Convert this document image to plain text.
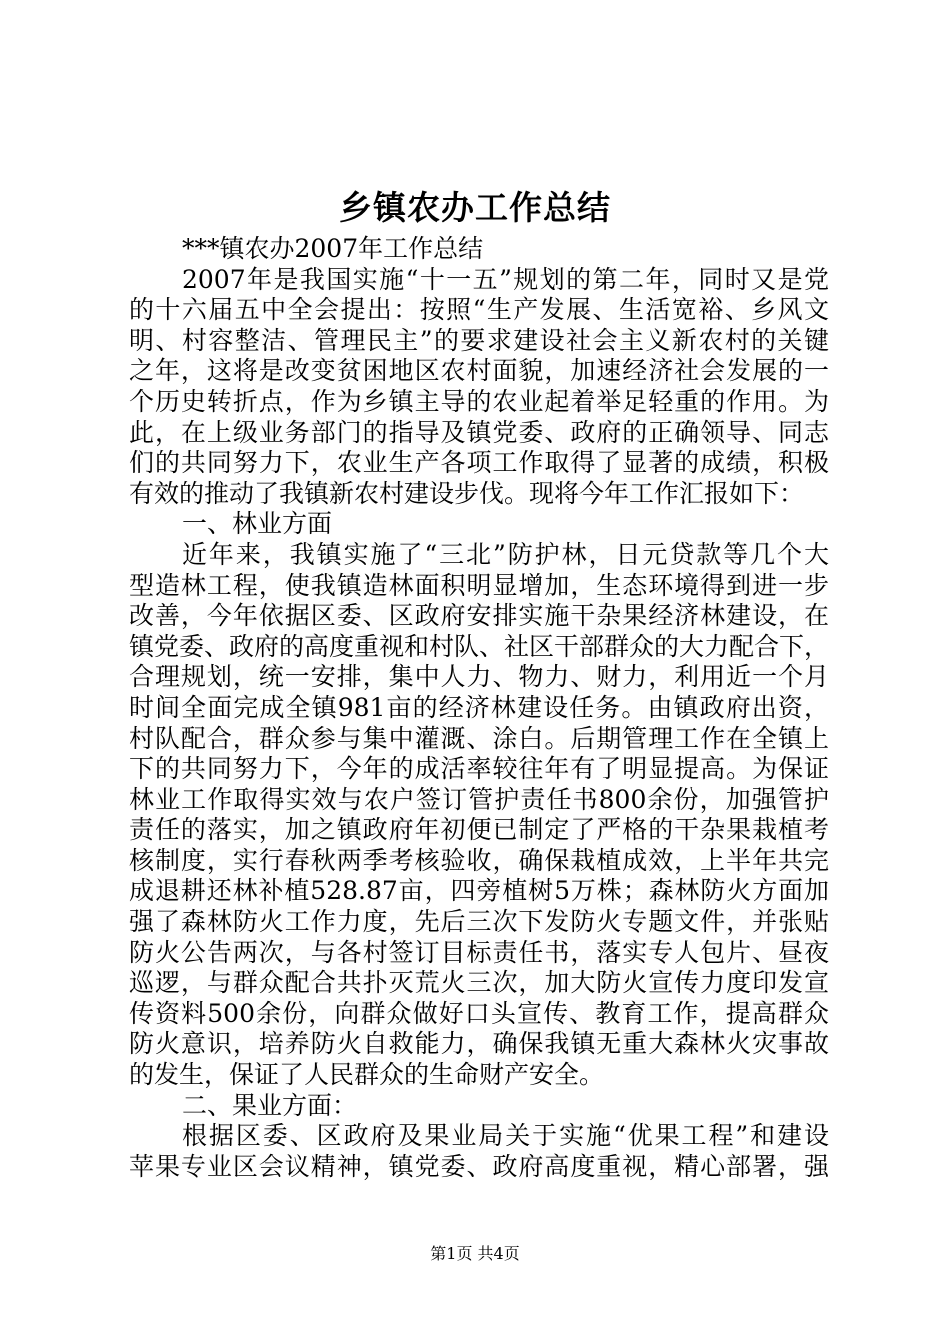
乡镇农办工作总结
***镇农办2007年工作总结
2007年是我国实施“十一五”规划的第二年，同时又是党
的十六届五中全会提出：按照“生产发展、生活宽裕、乡风文
明、村容整洁、管理民主”的要求建设社会主义新农村的关键
之年，这将是改变贫困地区农村面貌，加速经济社会发展的一
个历史转折点，作为乡镇主导的农业起着举足轻重的作用。为
此，在上级业务部门的指导及镇党委、政府的正确领导、同志
们的共同努力下，农业生产各项工作取得了显著的成绩，积极
有效的推动了我镇新农村建设步伐。现将今年工作汇报如下：
一、林业方面
近年来，我镇实施了“三北”防护林，日元贷款等几个大
型造林工程，使我镇造林面积明显增加，生态环境得到进一步
改善，今年依据区委、区政府安排实施干杂果经济林建设，在
镇党委、政府的高度重视和村队、社区干部群众的大力配合下，
合理规划，统一安排，集中人力、物力、财力，利用近一个月
时间全面完成全镇981亩的经济林建设任务。由镇政府出资，
村队配合，群众参与集中灌溉、涂白。后期管理工作在全镇上
下的共同努力下，今年的成活率较往年有了明显提高。为保证
林业工作取得实效与农户签订管护责任书800余份，加强管护
责任的落实，加之镇政府年初便已制定了严格的干杂果栽植考
核制度，实行春秋两季考核验收，确保栽植成效，上半年共完
成退耕还林补植528.87亩，四旁植树5万株；森林防火方面加
强了森林防火工作力度，先后三次下发防火专题文件，并张贴
防火公告两次，与各村签订目标责任书，落实专人包片、昼夜
巡逻，与群众配合共扑灭荒火三次，加大防火宣传力度印发宣
传资料500余份，向群众做好口头宣传、教育工作，提高群众
防火意识，培养防火自救能力，确保我镇无重大森林火灾事故
的发生，保证了人民群众的生命财产安全。
二、果业方面：
根据区委、区政府及果业局关于实施“优果工程”和建设
苹果专业区会议精神，镇党委、政府高度重视，精心部署，强
第1页 共4页
